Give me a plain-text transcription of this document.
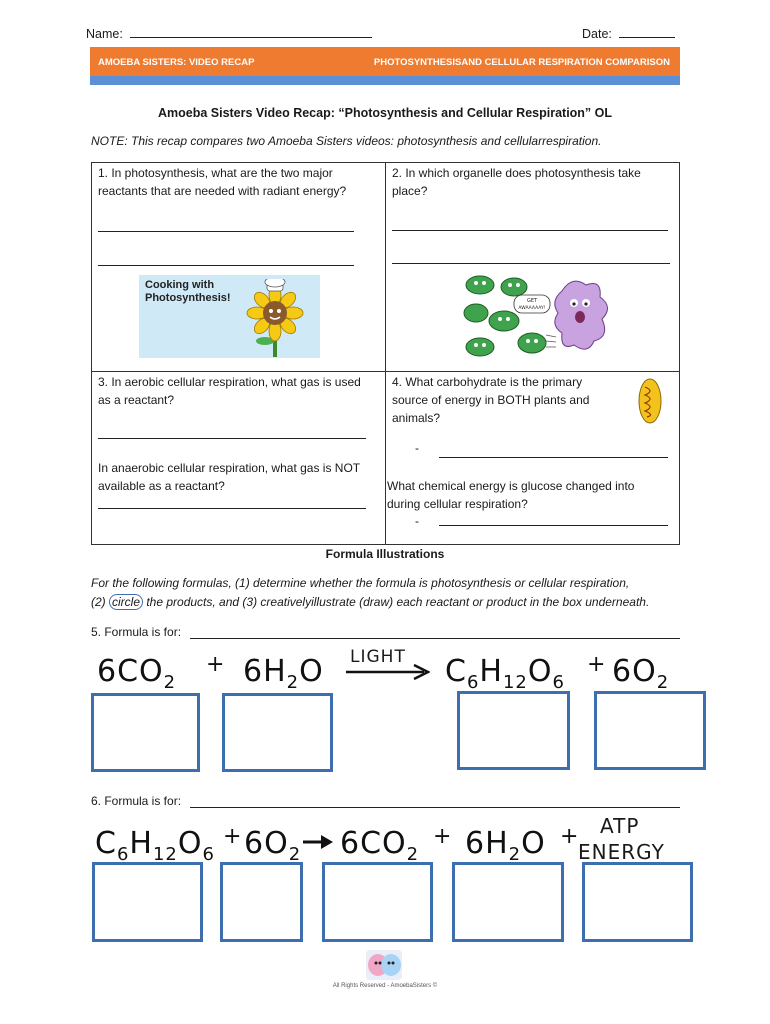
Name:	Date:
AMOEBA SISTERS: VIDEO RECAP	PHOTOSYNTHESISAND CELLULAR RESPIRATION COMPARISON
Amoeba Sisters Video Recap: “Photosynthesis and Cellular Respiration” OL
NOTE: This recap compares two Amoeba Sisters videos: photosynthesis and cellularrespiration.
1. In photosynthesis, what are the two major reactants that are needed with radiant energy?
Cooking with Photosynthesis!
2. In which organelle does photosynthesis take place?
GET
AWAAAAAY!
3. In aerobic cellular respiration, what gas is used as a reactant?
In anaerobic cellular respiration, what gas is NOT available as a reactant?
4. What carbohydrate is the primary source of energy in BOTH plants and animals?
-
What chemical energy is glucose changed into during cellular respiration?
-
Formula Illustrations
For the following formulas, (1) determine whether the formula is photosynthesis or cellular respiration,
(2) circle the products, and (3) creativelyillustrate (draw) each reactant or product in the box underneath.
5. Formula is for:
$6CO_2$
+ $6H_2O$ LIGHT $C_6H_{12}O_6$
+ $6O_2$
6. Formula is for:
$C_6H_{12}O_6$
+ $6O_2$ $6CO_2$
+ $6H_2O$ + ATP
ENERGY
All Rights Reserved - AmoebaSisters ©
